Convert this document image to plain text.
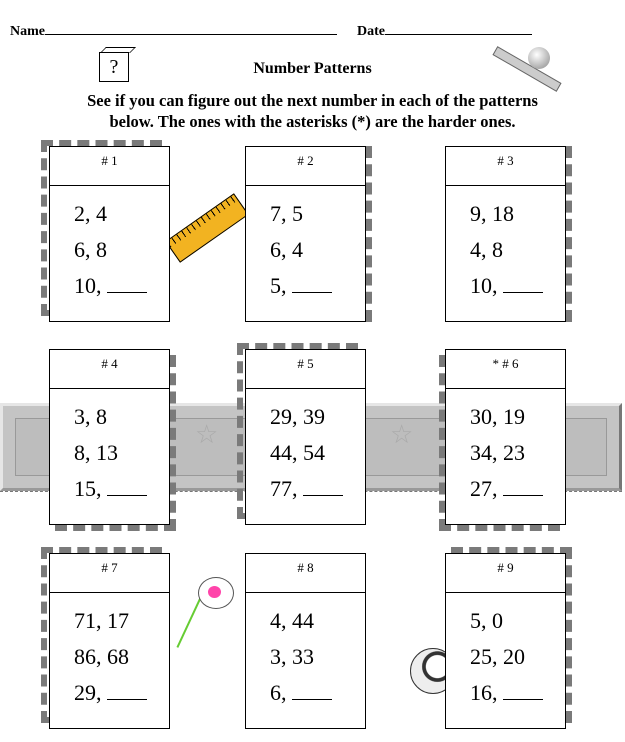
Name	Date
?	Number Patterns
See if you can figure out the next number in each of the patterns
below. The ones with the asterisks (*) are the harder ones.
☆	☆
# 1
2, 4
6, 8
10,
# 2
7, 5
6, 4
5,
# 3
9, 18
4, 8
10,
# 4
3, 8
8, 13
15,
# 5
29, 39
44, 54
77,
* # 6
30, 19
34, 23
27,
# 7
71, 17
86, 68
29,
# 8
4, 44
3, 33
6,
# 9
5, 0
25, 20
16,
